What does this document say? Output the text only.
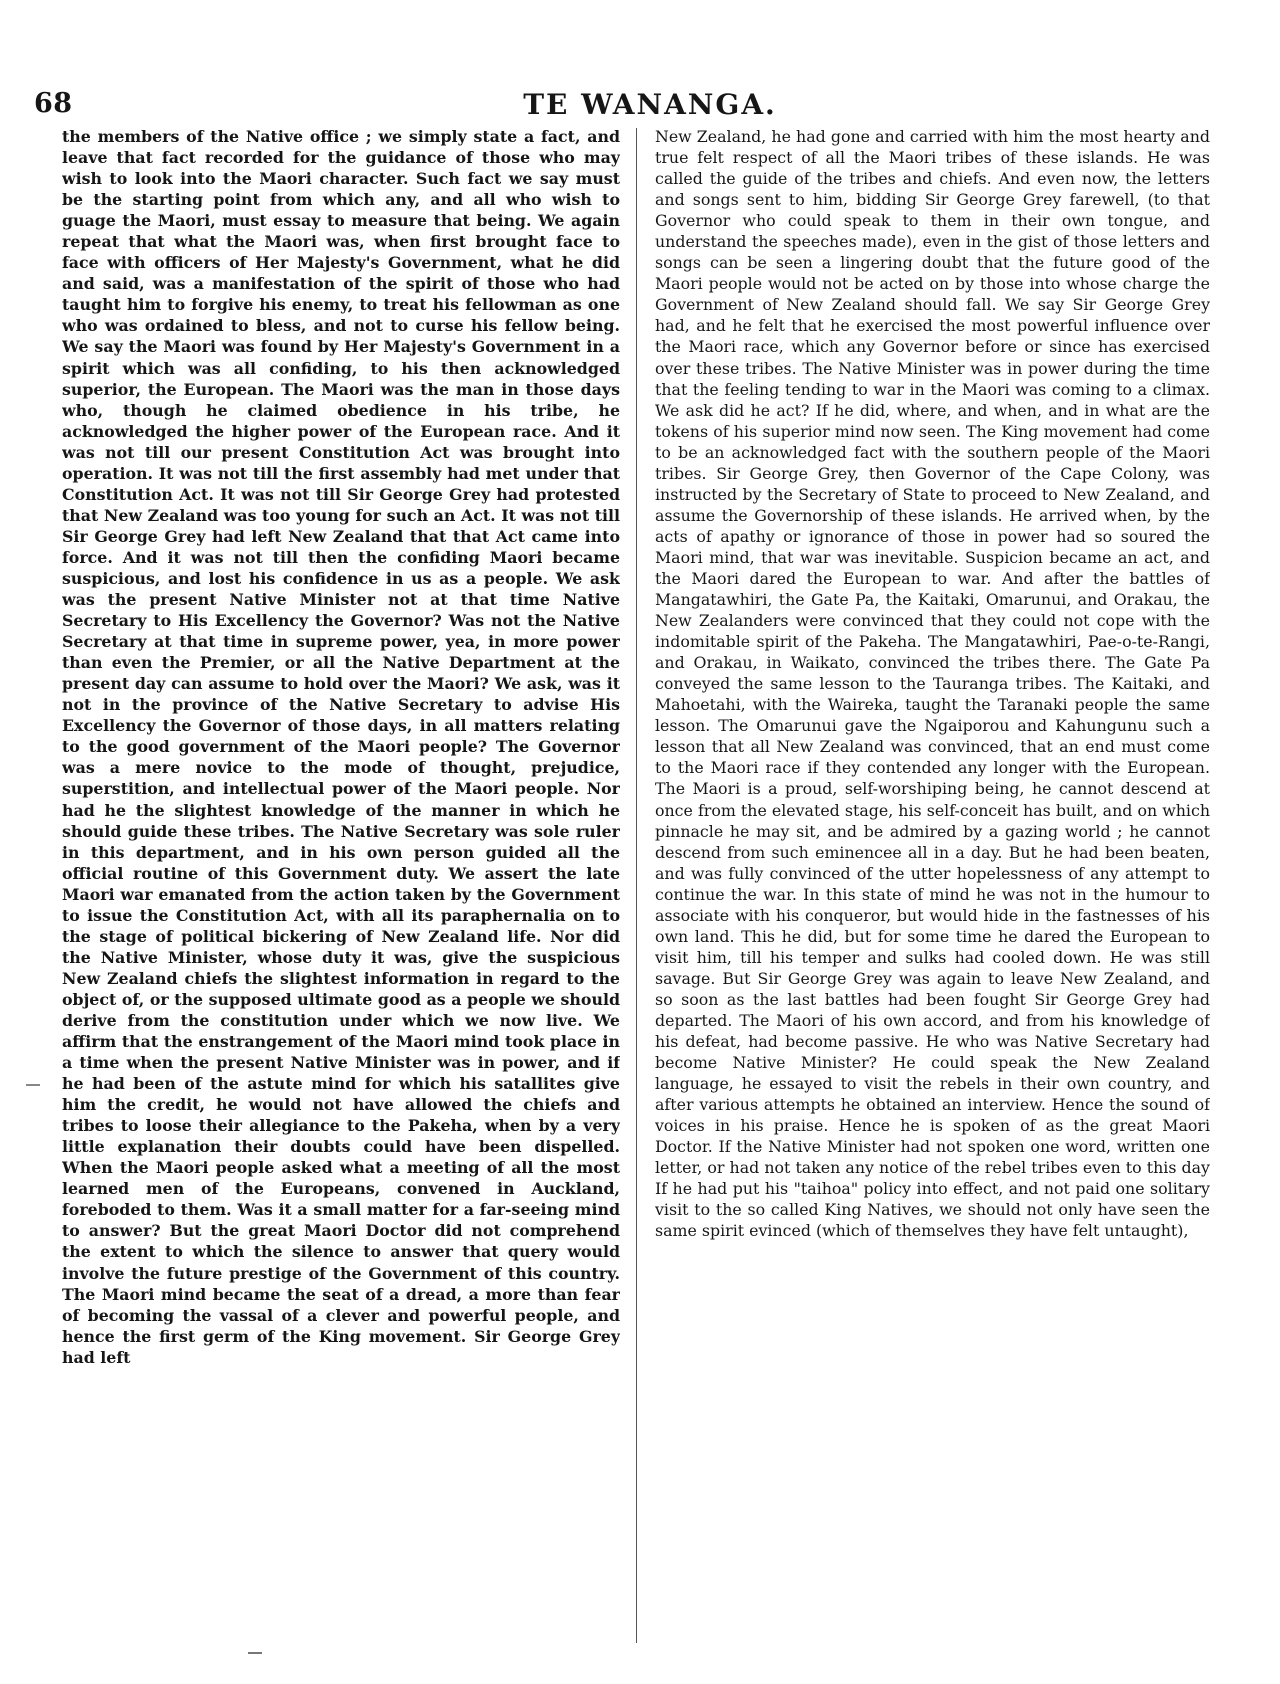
68	TE WANANGA.

the members of the Native office ; we simply state a fact, and leave that fact recorded for the guidance of those who may wish to look into the Maori character. Such fact we say must be the starting point from which any, and all who wish to guage the Maori, must essay to measure that being. We again repeat that what the Maori was, when first brought face to face with officers of Her Majesty's Government, what he did and said, was a manifestation of the spirit of those who had taught him to forgive his enemy, to treat his fellowman as one who was ordained to bless, and not to curse his fellow being. We say the Maori was found by Her Majesty's Government in a spirit which was all confiding, to his then acknowledged superior, the European. The Maori was the man in those days who, though he claimed obedience in his tribe, he acknowledged the higher power of the European race. And it was not till our present Constitution Act was brought into operation. It was not till the first assembly had met under that Constitution Act. It was not till Sir George Grey had protested that New Zealand was too young for such an Act. It was not till Sir George Grey had left New Zealand that that Act came into force. And it was not till then the confiding Maori became suspicious, and lost his confidence in us as a people. We ask was the present Native Minister not at that time Native Secretary to His Excellency the Governor? Was not the Native Secretary at that time in supreme power, yea, in more power than even the Premier, or all the Native Department at the present day can assume to hold over the Maori? We ask, was it not in the province of the Native Secretary to advise His Excellency the Governor of those days, in all matters relating to the good government of the Maori people? The Governor was a mere novice to the mode of thought, prejudice, superstition, and intellectual power of the Maori people. Nor had he the slightest knowledge of the manner in which he should guide these tribes. The Native Secretary was sole ruler in this department, and in his own person guided all the official routine of this Government duty. We assert the late Maori war emanated from the action taken by the Government to issue the Constitution Act, with all its paraphernalia on to the stage of political bickering of New Zealand life. Nor did the Native Minister, whose duty it was, give the suspicious New Zealand chiefs the slightest information in regard to the object of, or the supposed ultimate good as a people we should derive from the constitution under which we now live. We affirm that the enstrangement of the Maori mind took place in a time when the present Native Minister was in power, and if he had been of the astute mind for which his satallites give him the credit, he would not have allowed the chiefs and tribes to loose their allegiance to the Pakeha, when by a very little explanation their doubts could have been dispelled. When the Maori people asked what a meeting of all the most learned men of the Europeans, convened in Auckland, foreboded to them. Was it a small matter for a far-seeing mind to answer? But the great Maori Doctor did not comprehend the extent to which the silence to answer that query would involve the future prestige of the Government of this country. The Maori mind became the seat of a dread, a more than fear of becoming the vassal of a clever and powerful people, and hence the first germ of the King movement. Sir George Grey had left

New Zealand, he had gone and carried with him the most hearty and true felt respect of all the Maori tribes of these islands. He was called the guide of the tribes and chiefs. And even now, the letters and songs sent to him, bidding Sir George Grey farewell, (to that Governor who could speak to them in their own tongue, and understand the speeches made), even in the gist of those letters and songs can be seen a lingering doubt that the future good of the Maori people would not be acted on by those into whose charge the Government of New Zealand should fall. We say Sir George Grey had, and he felt that he exercised the most powerful influence over the Maori race, which any Governor before or since has exercised over these tribes. The Native Minister was in power during the time that the feeling tending to war in the Maori was coming to a climax. We ask did he act? If he did, where, and when, and in what are the tokens of his superior mind now seen. The King movement had come to be an acknowledged fact with the southern people of the Maori tribes. Sir George Grey, then Governor of the Cape Colony, was instructed by the Secretary of State to proceed to New Zealand, and assume the Governorship of these islands. He arrived when, by the acts of apathy or ignorance of those in power had so soured the Maori mind, that war was inevitable. Suspicion became an act, and the Maori dared the European to war. And after the battles of Mangatawhiri, the Gate Pa, the Kaitaki, Omarunui, and Orakau, the New Zealanders were convinced that they could not cope with the indomitable spirit of the Pakeha. The Mangatawhiri, Pae-o-te-Rangi, and Orakau, in Waikato, convinced the tribes there. The Gate Pa conveyed the same lesson to the Tauranga tribes. The Kaitaki, and Mahoetahi, with the Waireka, taught the Taranaki people the same lesson. The Omarunui gave the Ngaiporou and Kahungunu such a lesson that all New Zealand was convinced, that an end must come to the Maori race if they contended any longer with the European. The Maori is a proud, self-worshiping being, he cannot descend at once from the elevated stage, his self-conceit has built, and on which pinnacle he may sit, and be admired by a gazing world ; he cannot descend from such eminencee all in a day. But he had been beaten, and was fully convinced of the utter hopelessness of any attempt to continue the war. In this state of mind he was not in the humour to associate with his conqueror, but would hide in the fastnesses of his own land. This he did, but for some time he dared the European to visit him, till his temper and sulks had cooled down. He was still savage. But Sir George Grey was again to leave New Zealand, and so soon as the last battles had been fought Sir George Grey had departed. The Maori of his own accord, and from his knowledge of his defeat, had become passive. He who was Native Secretary had become Native Minister? He could speak the New Zealand language, he essayed to visit the rebels in their own country, and after various attempts he obtained an interview. Hence the sound of voices in his praise. Hence he is spoken of as the great Maori Doctor. If the Native Minister had not spoken one word, written one letter, or had not taken any notice of the rebel tribes even to this day If he had put his "taihoa" policy into effect, and not paid one solitary visit to the so called King Natives, we should not only have seen the same spirit evinced (which of themselves they have felt untaught),
